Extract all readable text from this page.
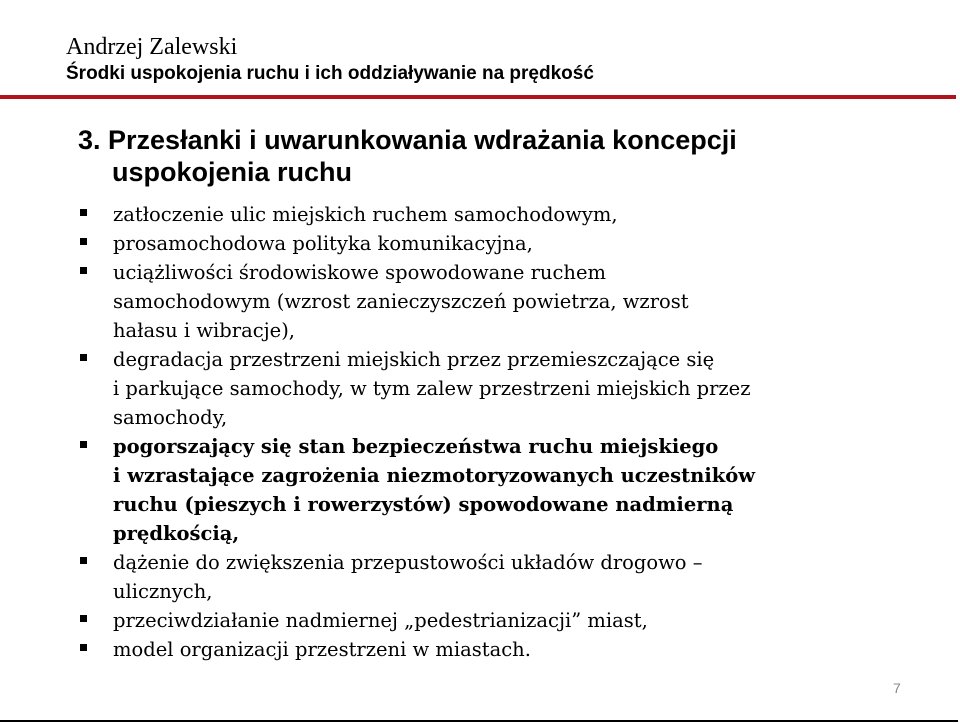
Andrzej Zalewski
Środki uspokojenia ruchu i ich oddziaływanie na prędkość
3. Przesłanki i uwarunkowania wdrażania koncepcji
uspokojenia ruchu
zatłoczenie ulic miejskich ruchem samochodowym,
prosamochodowa polityka komunikacyjna,
uciążliwości środowiskowe spowodowane ruchem
samochodowym (wzrost zanieczyszczeń powietrza, wzrost
hałasu i wibracje),
degradacja przestrzeni miejskich przez przemieszczające się
i parkujące samochody, w tym zalew przestrzeni miejskich przez
samochody,
pogorszający się stan bezpieczeństwa ruchu miejskiego
i wzrastające zagrożenia niezmotoryzowanych uczestników
ruchu (pieszych i rowerzystów) spowodowane nadmierną
prędkością,
dążenie do zwiększenia przepustowości układów drogowo –
ulicznych,
przeciwdziałanie nadmiernej „pedestrianizacji” miast,
model organizacji przestrzeni w miastach.
7
